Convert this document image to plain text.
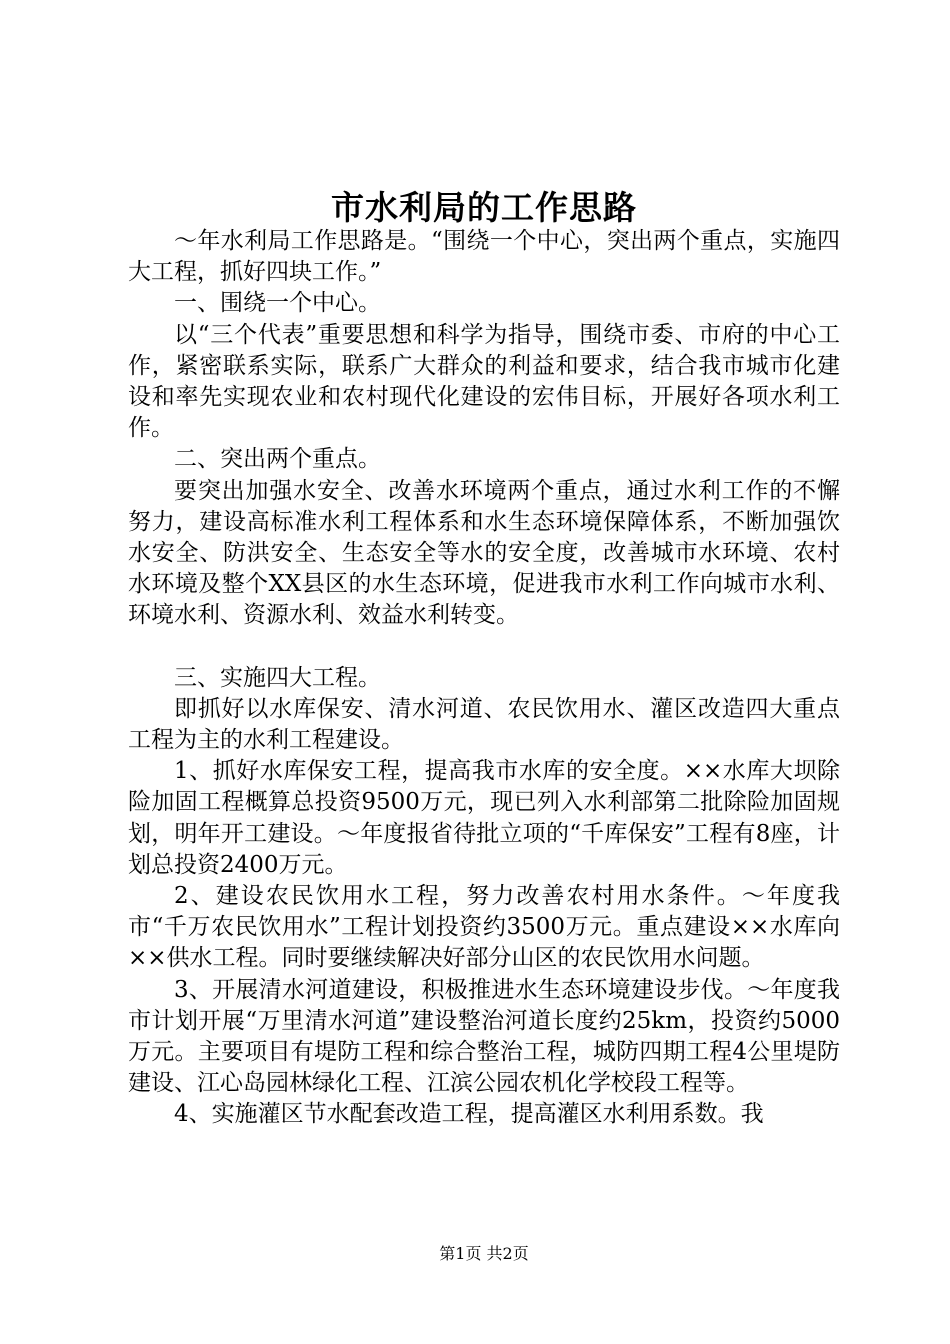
市水利局的工作思路

～年水利局工作思路是。“围绕一个中心，突出两个重点，实施四大工程，抓好四块工作。”

一、围绕一个中心。

以“三个代表”重要思想和科学为指导，围绕市委、市府的中心工作，紧密联系实际，联系广大群众的利益和要求，结合我市城市化建设和率先实现农业和农村现代化建设的宏伟目标，开展好各项水利工作。

二、突出两个重点。

要突出加强水安全、改善水环境两个重点，通过水利工作的不懈努力，建设高标准水利工程体系和水生态环境保障体系，不断加强饮水安全、防洪安全、生态安全等水的安全度，改善城市水环境、农村水环境及整个XX县区的水生态环境，促进我市水利工作向城市水利、环境水利、资源水利、效益水利转变。

三、实施四大工程。

即抓好以水库保安、清水河道、农民饮用水、灌区改造四大重点工程为主的水利工程建设。

1、抓好水库保安工程，提高我市水库的安全度。××水库大坝除险加固工程概算总投资9500万元，现已列入水利部第二批除险加固规划，明年开工建设。～年度报省待批立项的“千库保安”工程有8座，计划总投资2400万元。

2、建设农民饮用水工程，努力改善农村用水条件。～年度我市“千万农民饮用水”工程计划投资约3500万元。重点建设××水库向××供水工程。同时要继续解决好部分山区的农民饮用水问题。

3、开展清水河道建设，积极推进水生态环境建设步伐。～年度我市计划开展“万里清水河道”建设整治河道长度约25km，投资约5000万元。主要项目有堤防工程和综合整治工程，城防四期工程4公里堤防建设、江心岛园林绿化工程、江滨公园农机化学校段工程等。

4、实施灌区节水配套改造工程，提高灌区水利用系数。我

第1页 共2页
